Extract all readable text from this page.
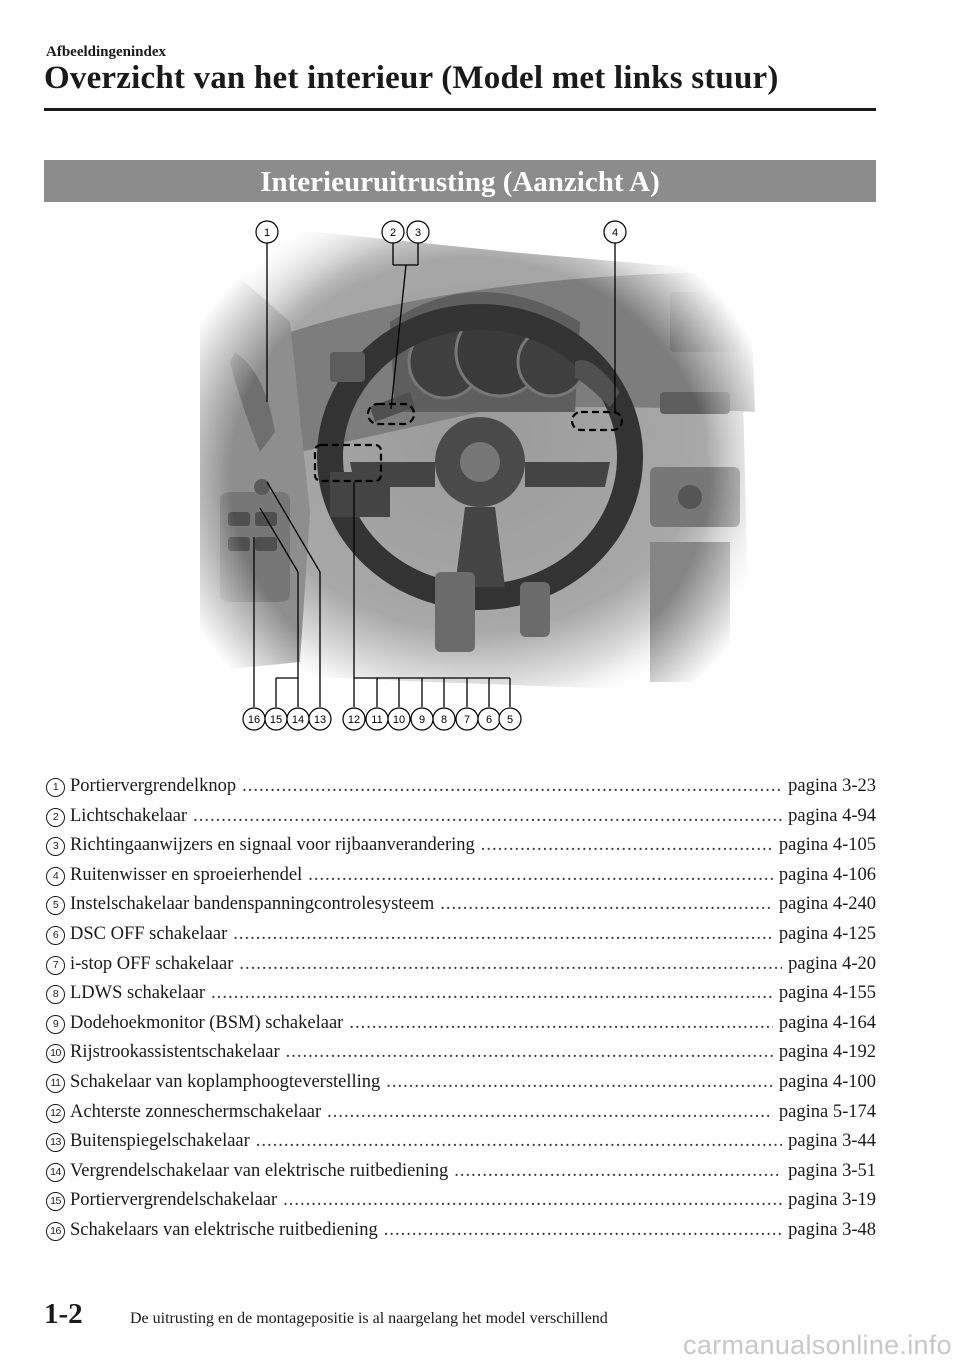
Afbeeldingenindex
Overzicht van het interieur (Model met links stuur)
Interieuruitrusting (Aanzicht A)
1	2 3	4
16 15 14 13 12 11 10 9 8 7 6 5
1 Portiervergrendelknop .....	pagina 3-23
2 Lichtschakelaar .....	pagina 4-94
3 Richtingaanwijzers en signaal voor rijbaanverandering .....	pagina 4-105
4 Ruitenwisser en sproeierhendel .....	pagina 4-106
5 Instelschakelaar bandenspanningcontrolesysteem .....	pagina 4-240
6 DSC OFF schakelaar .....	pagina 4-125
7 i-stop OFF schakelaar .....	pagina 4-20
8 LDWS schakelaar .....	pagina 4-155
9 Dodehoekmonitor (BSM) schakelaar .....	pagina 4-164
10 Rijstrookassistentschakelaar .....	pagina 4-192
11 Schakelaar van koplamphoogteverstelling .....	pagina 4-100
12 Achterste zonneschermschakelaar .....	pagina 5-174
13 Buitenspiegelschakelaar .....	pagina 3-44
14 Vergrendelschakelaar van elektrische ruitbediening .....	pagina 3-51
15 Portiervergrendelschakelaar .....	pagina 3-19
16 Schakelaars van elektrische ruitbediening .....	pagina 3-48
1-2	De uitrusting en de montagepositie is al naargelang het model verschillend
carmanualsonline.info
